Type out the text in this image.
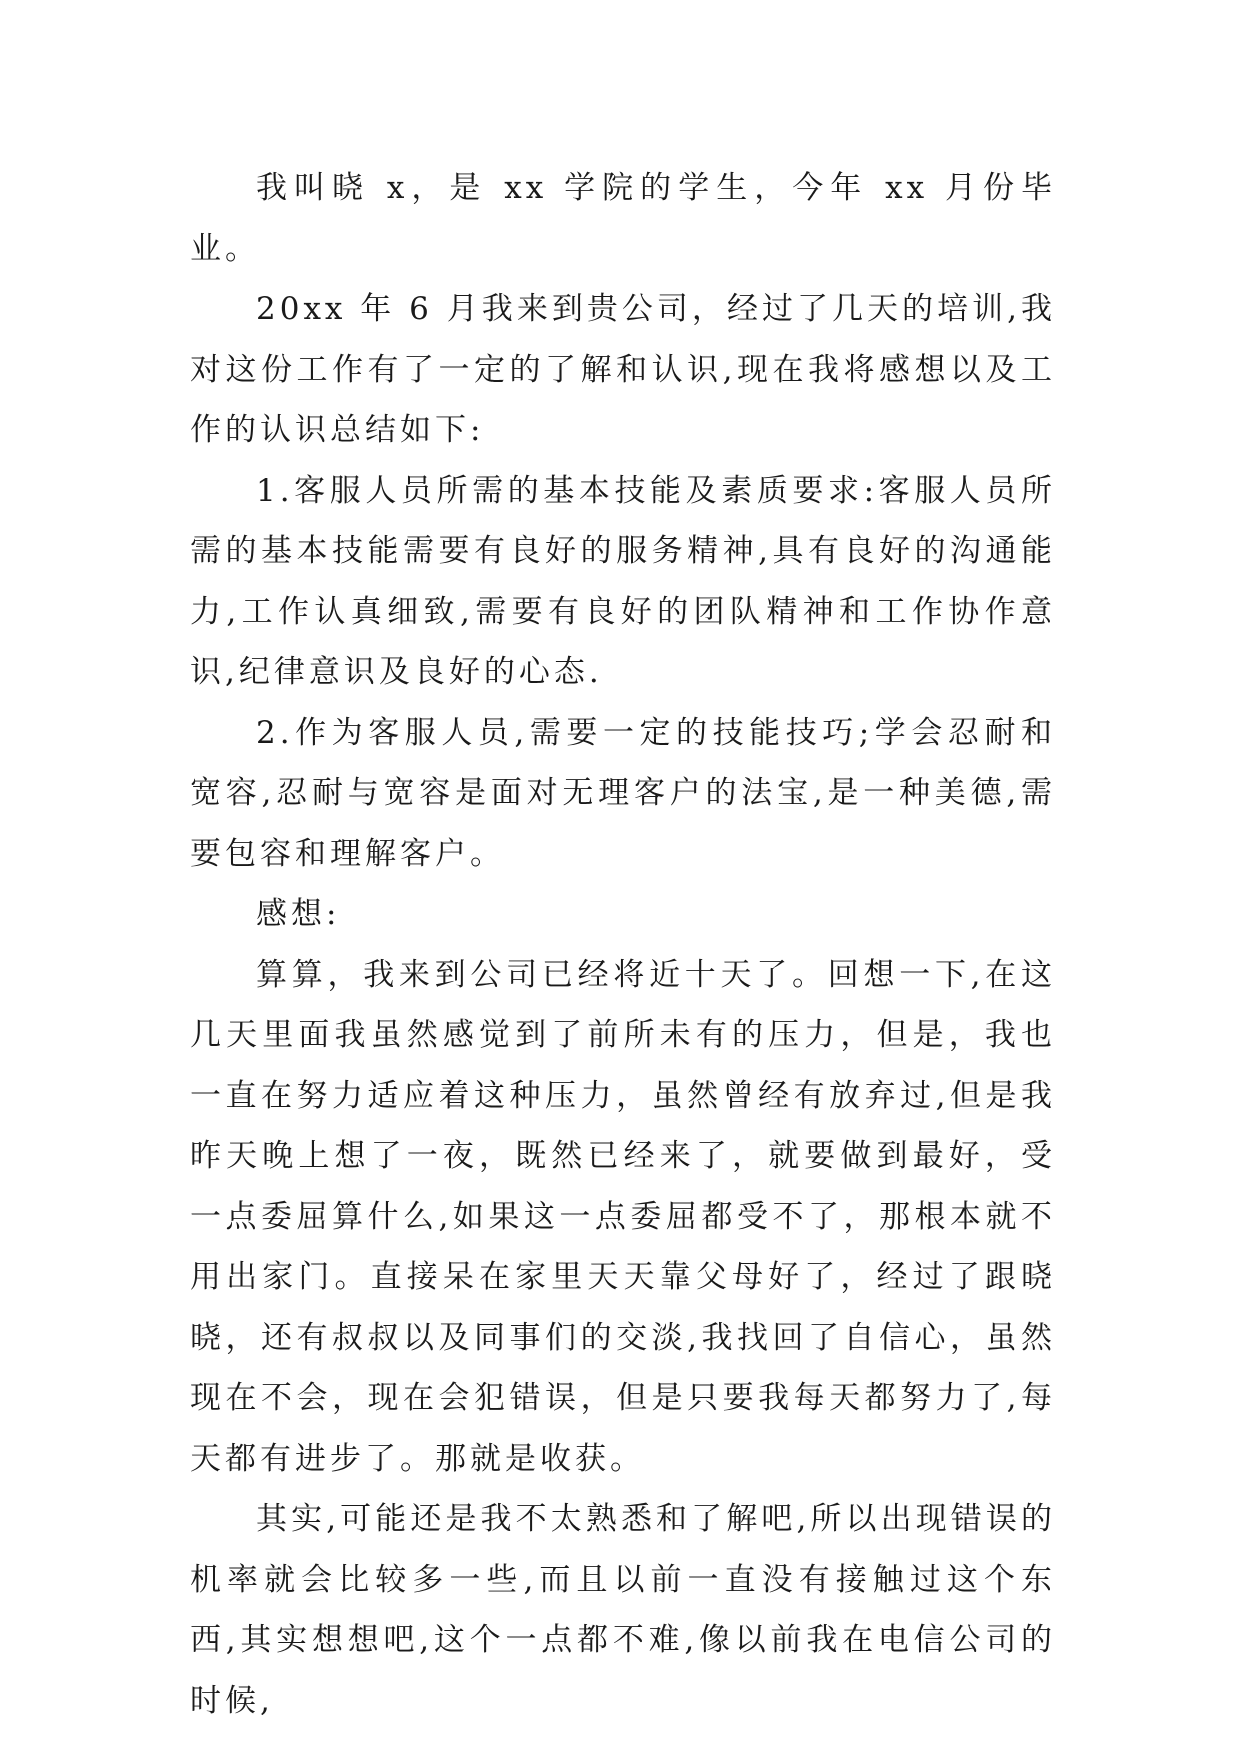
我叫晓 x，是 xx 学院的学生，今年 xx 月份毕业。

20xx 年 6 月我来到贵公司，经过了几天的培训,我对这份工作有了一定的了解和认识,现在我将感想以及工作的认识总结如下:

1.客服人员所需的基本技能及素质要求:客服人员所需的基本技能需要有良好的服务精神,具有良好的沟通能力,工作认真细致,需要有良好的团队精神和工作协作意识,纪律意识及良好的心态.

2.作为客服人员,需要一定的技能技巧;学会忍耐和宽容,忍耐与宽容是面对无理客户的法宝,是一种美德,需要包容和理解客户。

感想:

算算，我来到公司已经将近十天了。回想一下,在这几天里面我虽然感觉到了前所未有的压力，但是，我也一直在努力适应着这种压力，虽然曾经有放弃过,但是我昨天晚上想了一夜，既然已经来了，就要做到最好，受一点委屈算什么,如果这一点委屈都受不了，那根本就不用出家门。直接呆在家里天天靠父母好了，经过了跟晓晓，还有叔叔以及同事们的交淡,我找回了自信心，虽然现在不会，现在会犯错误，但是只要我每天都努力了,每天都有进步了。那就是收获。

其实,可能还是我不太熟悉和了解吧,所以出现错误的机率就会比较多一些,而且以前一直没有接触过这个东西,其实想想吧,这个一点都不难,像以前我在电信公司的时候,
